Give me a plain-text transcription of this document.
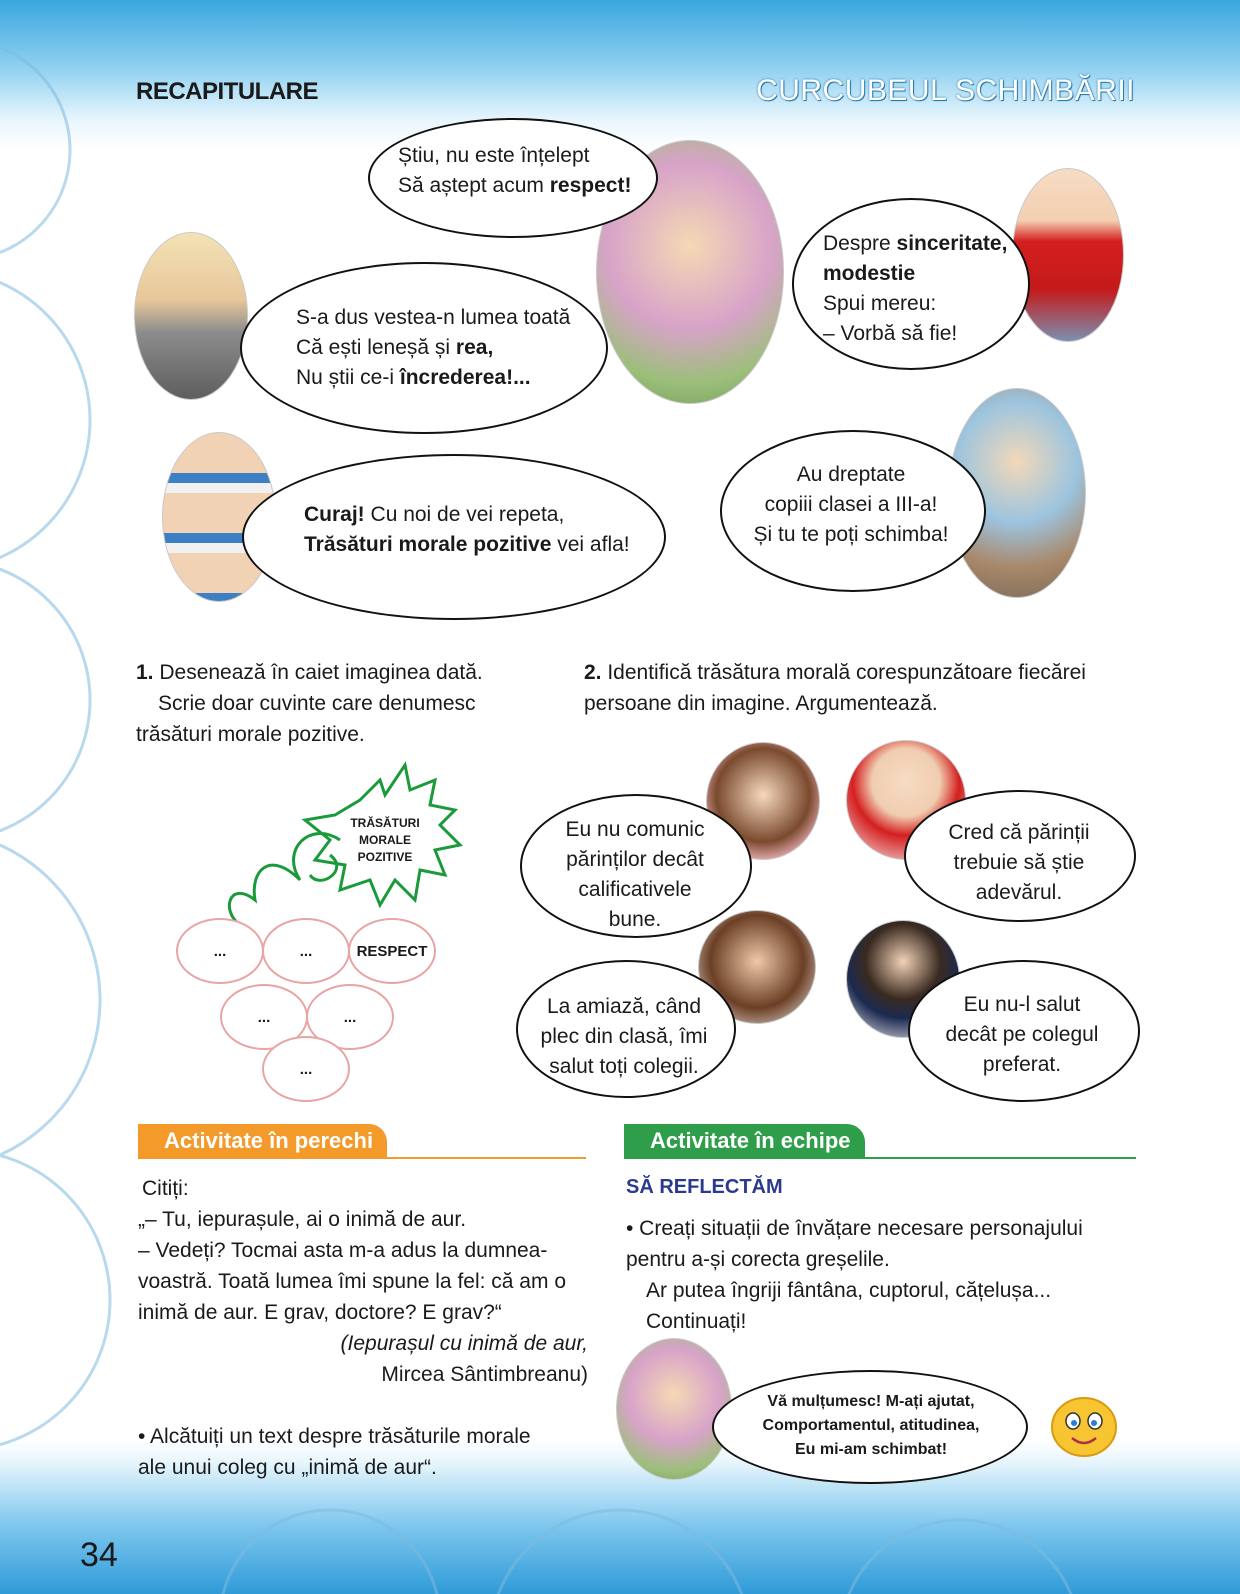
RECAPITULARE	CURCUBEUL SCHIMBĂRII
Știu, nu este înțelept
Să aștept acum respect!
Despre sinceritate,
modestie
Spui mereu:
– Vorbă să fie!
S-a dus vestea-n lumea toată
Că ești leneșă și rea,
Nu știi ce-i încrederea!...
Curaj! Cu noi de vei repeta,
Trăsături morale pozitive vei afla!
Au dreptate
copiii clasei a III-a!
Și tu te poți schimba!
1. Desenează în caiet imaginea dată.
Scrie doar cuvinte care denumesc
trăsături morale pozitive.
2. Identifică trăsătura morală corespunzătoare fiecărei
persoane din imagine. Argumentează.
TRĂSĂTURI
MORALE
POZITIVE
...	...	RESPECT
...	...
...
Eu nu comunic
părinților decât
calificativele
bune.
Cred că părinții
trebuie să știe
adevărul.
La amiază, când
plec din clasă, îmi
salut toți colegii.
Eu nu-l salut
decât pe colegul
preferat.
Activitate în perechi
Citiți:
„– Tu, iepurașule, ai o inimă de aur.
– Vedeți? Tocmai asta m-a adus la dumnea-
voastră. Toată lumea îmi spune la fel: că am o
inimă de aur. E grav, doctore? E grav?“
(Iepurașul cu inimă de aur,
Mircea Sântimbreanu)
• Alcătuiți un text despre trăsăturile morale
ale unui coleg cu „inimă de aur“.
Activitate în echipe
SĂ REFLECTĂM
• Creați situații de învățare necesare personajului
pentru a-și corecta greșelile.
Ar putea îngriji fântâna, cuptorul, cățelușa...
Continuați!
Vă mulțumesc! M-ați ajutat,
Comportamentul, atitudinea,
Eu mi-am schimbat!
34
